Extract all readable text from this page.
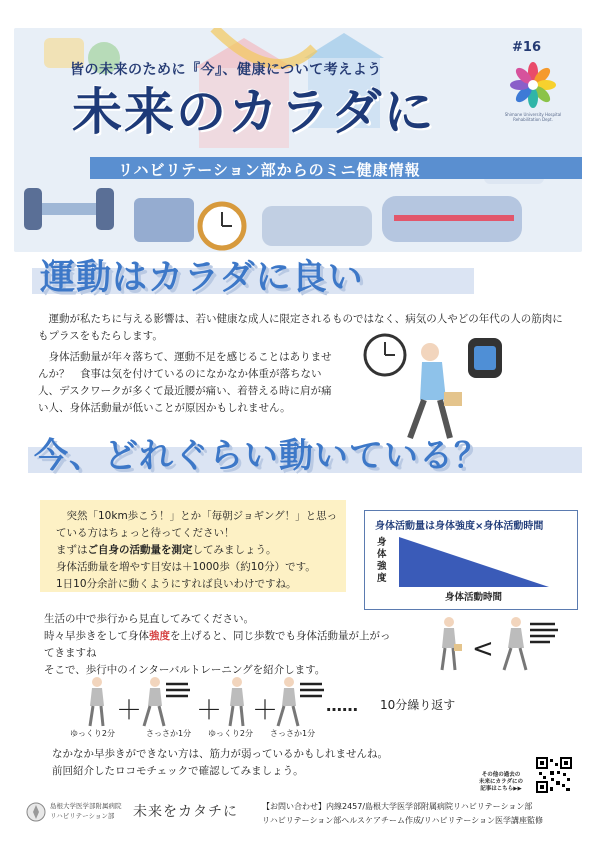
皆の未来のために『今』、健康について考えよう
未来のカラダに
#16
Shimane University Hospital Rehabilitation Dept.
リハビリテーション部からのミニ健康情報
運動はカラダに良い
運動が私たちに与える影響は、若い健康な成人に限定されるものではなく、病気の人やどの年代の人の筋肉にもプラスをもたらします。
　身体活動量が年々落ちて、運動不足を感じることはありませんか？　食事は気を付けているのになかなか体重が落ちない人、デスクワークが多くて最近腰が痛い、着替える時に肩が痛い人、身体活動量が低いことが原因かもしれません。
今、どれぐらい動いている？
突然「10km歩こう！」とか「毎朝ジョギング！」と思っている方はちょっと待ってください！
まずはご自身の活動量を測定してみましょう。
身体活動量を増やす目安は＋1000歩（約10分）です。
1日10分余計に動くようにすれば良いわけですね。
身体活動量は身体強度×身体活動時間
身体強度
身体活動時間
生活の中で歩行から見直してみてください。
時々早歩きをして身体強度を上げると、同じ歩数でも身体活動量が上がってきますね
そこで、歩行中のインターバルトレーニングを紹介します。
<
ゆっくり2分
＋
さっさか1分
＋
ゆっくり2分
＋
さっさか1分
…… 10分繰り返す
なかなか早歩きができない方は、筋力が弱っているかもしれませんね。
前回紹介したロコモチェックで確認してみましょう。	その他の過去の
未来にカラダにの
記事はこちら▶▶
島根大学医学部附属病院
リハビリテーション部 未来をカタチに	【お問い合わせ】内線2457/島根大学医学部附属病院リハビリテーション部
リハビリテーション部ヘルスケアチーム作成/リハビリテーション医学講座監修
